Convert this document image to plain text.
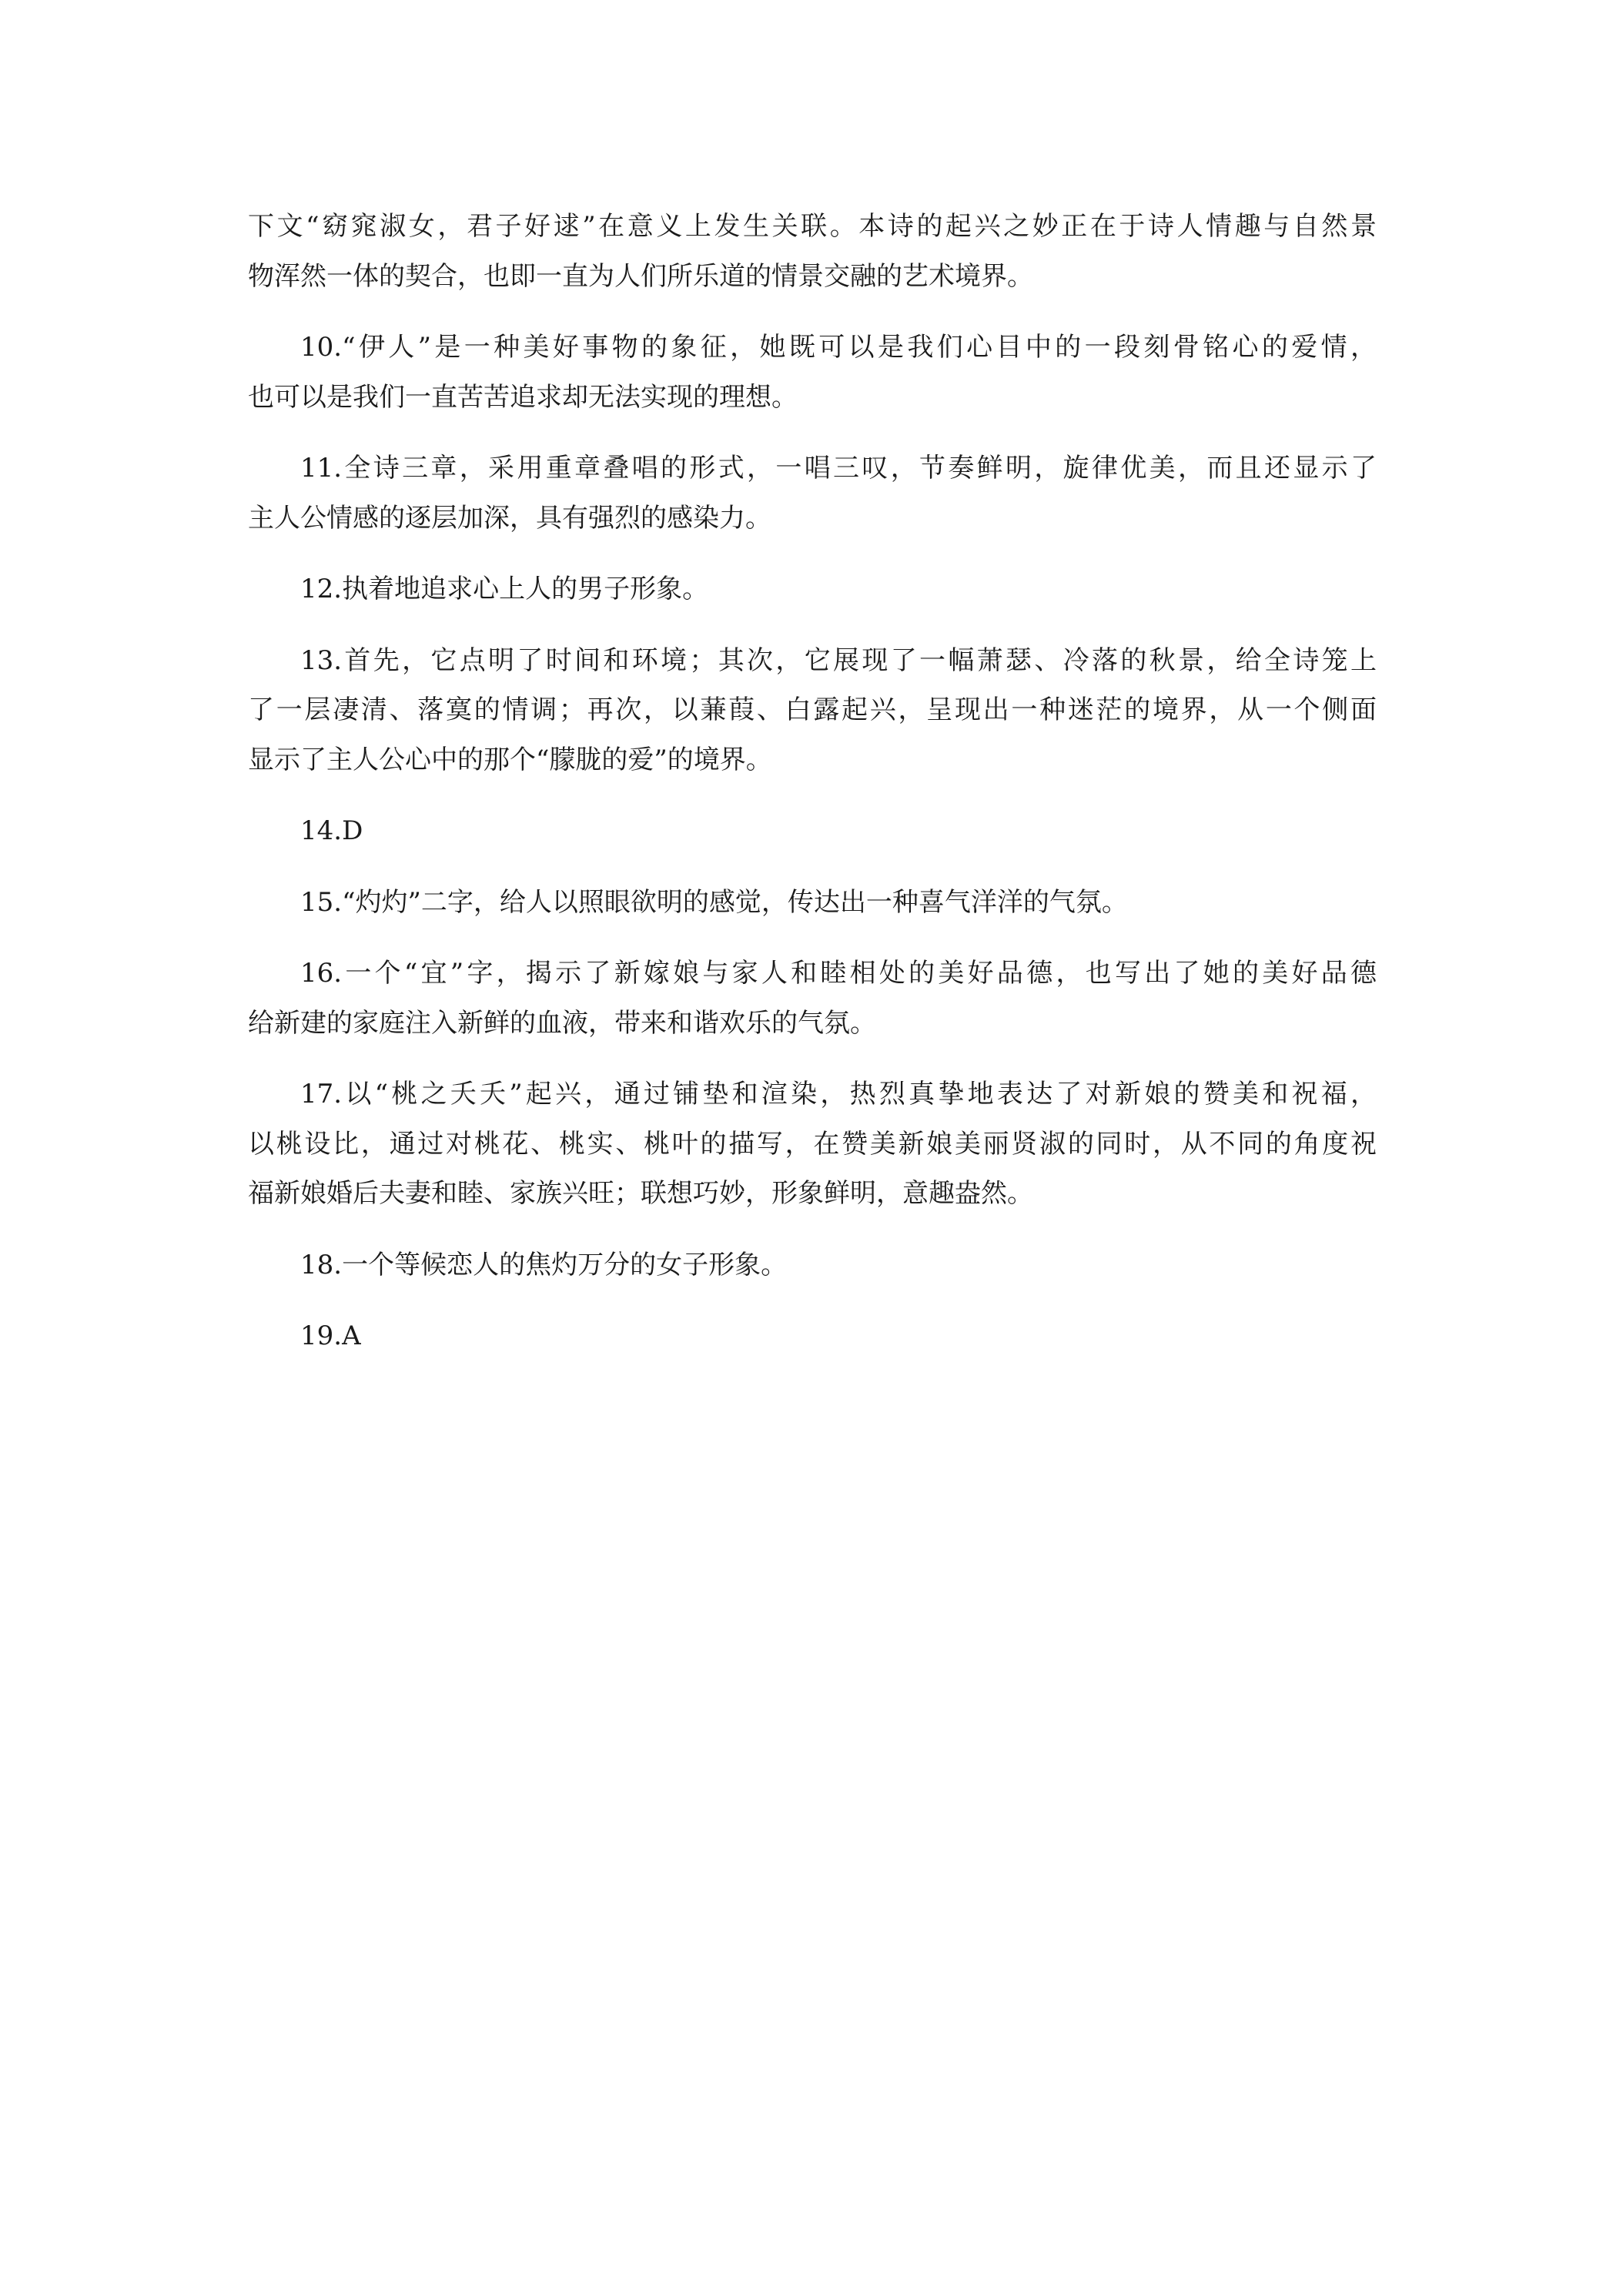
下文“窈窕淑女，君子好逑”在意义上发生关联。本诗的起兴之妙正在于诗人情趣与自然景
物浑然一体的契合，也即一直为人们所乐道的情景交融的艺术境界。
10.“伊人”是一种美好事物的象征，她既可以是我们心目中的一段刻骨铭心的爱情，
也可以是我们一直苦苦追求却无法实现的理想。
11.全诗三章，采用重章叠唱的形式，一唱三叹，节奏鲜明，旋律优美，而且还显示了
主人公情感的逐层加深，具有强烈的感染力。
12.执着地追求心上人的男子形象。
13.首先，它点明了时间和环境；其次，它展现了一幅萧瑟、冷落的秋景，给全诗笼上
了一层凄清、落寞的情调；再次，以蒹葭、白露起兴，呈现出一种迷茫的境界，从一个侧面
显示了主人公心中的那个“朦胧的爱”的境界。
14.D
15.“灼灼”二字，给人以照眼欲明的感觉，传达出一种喜气洋洋的气氛。
16.一个“宜”字，揭示了新嫁娘与家人和睦相处的美好品德，也写出了她的美好品德
给新建的家庭注入新鲜的血液，带来和谐欢乐的气氛。
17.以“桃之夭夭”起兴，通过铺垫和渲染，热烈真挚地表达了对新娘的赞美和祝福，
以桃设比，通过对桃花、桃实、桃叶的描写，在赞美新娘美丽贤淑的同时，从不同的角度祝
福新娘婚后夫妻和睦、家族兴旺；联想巧妙，形象鲜明，意趣盎然。
18.一个等候恋人的焦灼万分的女子形象。
19.A
